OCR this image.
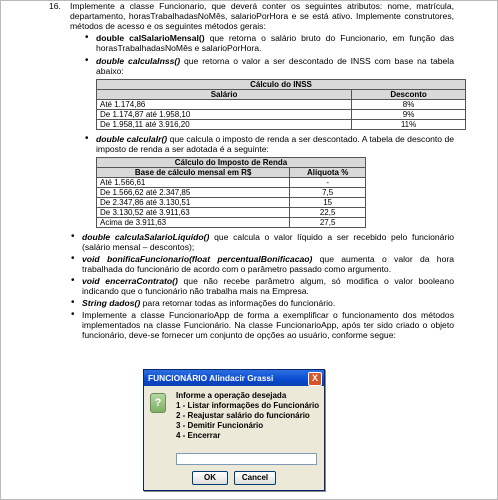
16. Implemente a classe Funcionario, que deverá conter os seguintes atributos: nome, matrícula, departamento, horasTrabalhadasNoMês, salarioPorHora e se está ativo. Implemente construtores, métodos de acesso e os seguintes métodos gerais:

• double calSalarioMensal() que retorna o salário bruto do Funcionario, em função das horasTrabalhadasNoMês e salarioPorHora.

• double calculaInss() que retorna o valor a ser descontado de INSS com base na tabela abaixo:

Cálculo do INSS	
Salário	Desconto
Até 1.174,86	8%
De 1.174,87 até 1.958,10	9%
De 1.958,11 até 3.916,20	11%

• double calculaIr() que calcula o imposto de renda a ser descontado. A tabela de desconto de imposto de renda a ser adotada é a seguinte:

Cálculo do Imposto de Renda	
Base de cálculo mensal em R$	Alíquota %
Até 1.566,61	-
De 1.566,62 até 2.347,85	7,5
De 2.347,86 até 3.130,51	15
De 3.130,52 até 3.911,63	22,5
Acima de 3.911,63	27,5

• double calculaSalarioLiquido() que calcula o valor líquido a ser recebido pelo funcionário (salário mensal – descontos);

• void bonificaFuncionario(float percentualBonificacao) que aumenta o valor da hora trabalhada do funcionário de acordo com o parâmetro passado como argumento.

• void encerraContrato() que não recebe parâmetro algum, só modifica o valor booleano indicando que o funcionário não trabalha mais na Empresa.

• String dados() para retornar todas as informações do funcionário.

• Implemente a classe FuncionarioApp de forma a exemplificar o funcionamento dos métodos implementados na classe Funcionário. Na classe FuncionarioApp, após ter sido criado o objeto funcionário, deve-se fornecer um conjunto de opções ao usuário, conforme segue:

FUNCIONÁRIO Alindacir Grassi	X
?
Informe a operação desejada
1 - Listar informações do Funcionário
2 - Reajustar salário do funcionário
3 - Demitir Funcionário
4 - Encerrar
OK	Cancel
